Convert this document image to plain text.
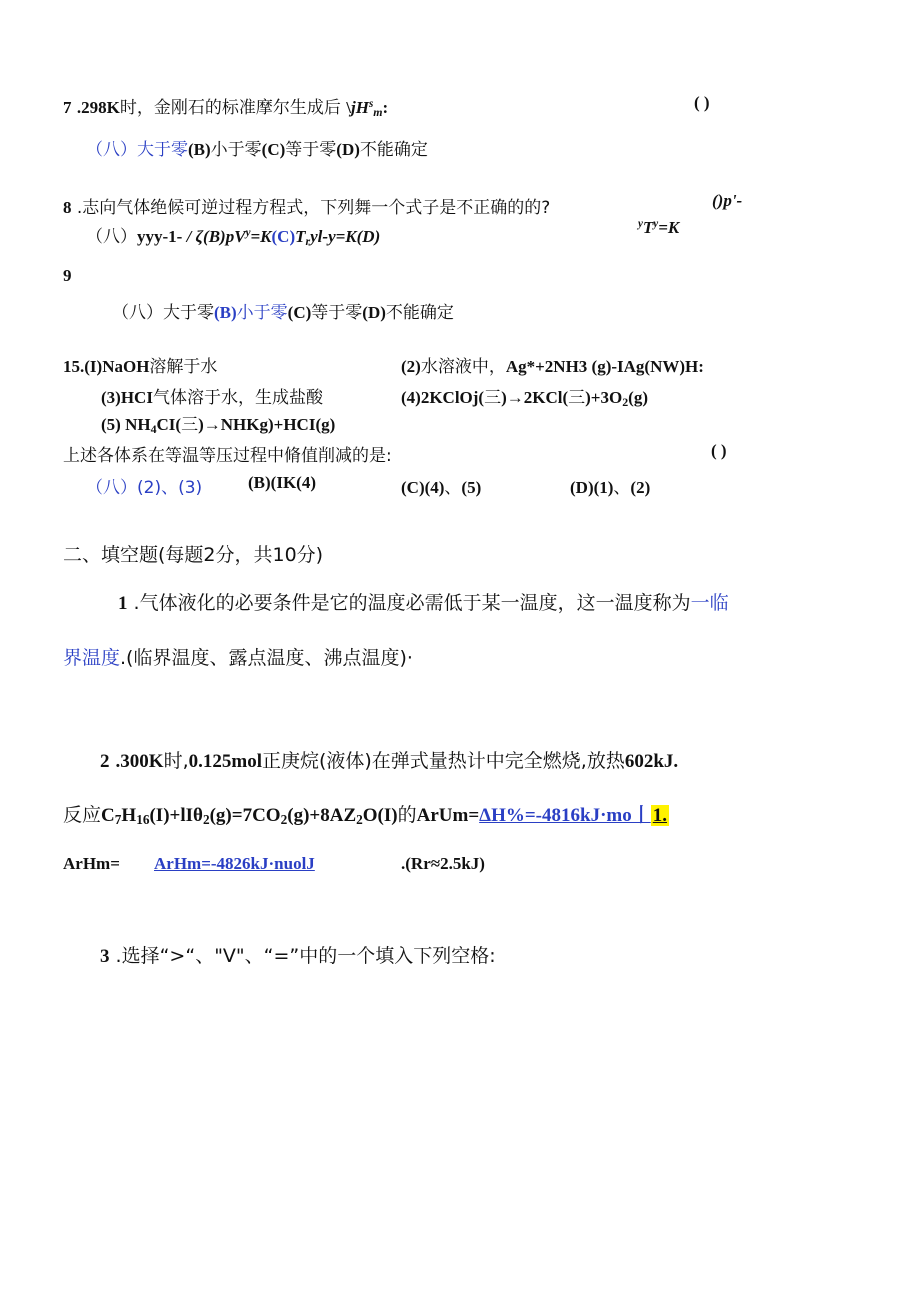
7 .298K时，金刚石的标准摩尔生成后 $\backslash jH^s_m$:	( )
（八）大于零(B)小于零(C)等于零(D)不能确定
8 .志向气体绝候可逆过程方程式，下列舞一个式子是不正确的的?	()p'-
（八）$yyy-1- / \zeta(B)pV^y=K(C)T_ryl-y=K(D)$
$^yT^y=K$
9
（八）大于零(B)小于零(C)等于零(D)不能确定
15.(I)NaOH溶解于水	(2)水溶液中，Ag*+2NH3 (g)-IAg(NW)H:
(3)HCI气体溶于水，生成盐酸	(4)2KClOj(三)→2KCl(三)$+3O_2(g)$
(5) $NH_4CI$(三)→NHKg)+HCI(g)
上述各体系在等温等压过程中脩值削减的是:	( )
（八）(2)、(3)	(B)(IK(4)	(C)(4)、(5)	(D)(1)、(2)
二、填空题(每题2分，共10分)
1 .气体液化的必要条件是它的温度必需低于某一温度，这一温度称为一临
界温度.(临界温度、露点温度、沸点温度)·
2 .300K时,0.125mol正庚烷(液体)在弹式量热计中完全燃烧,放热602kJ.
反应$C_7H_{16}(I)+lI\theta_2(g)=7CO_2(g)+8AZ_2O(I)$的ArUm=ΔH%=-4816kJ·mo丨 1.
ArHm= ArHm=-4826kJ·nuolJ	.(Rr≈2.5kJ)
3 .选择“>“、"V"、“=”中的一个填入下列空格:
